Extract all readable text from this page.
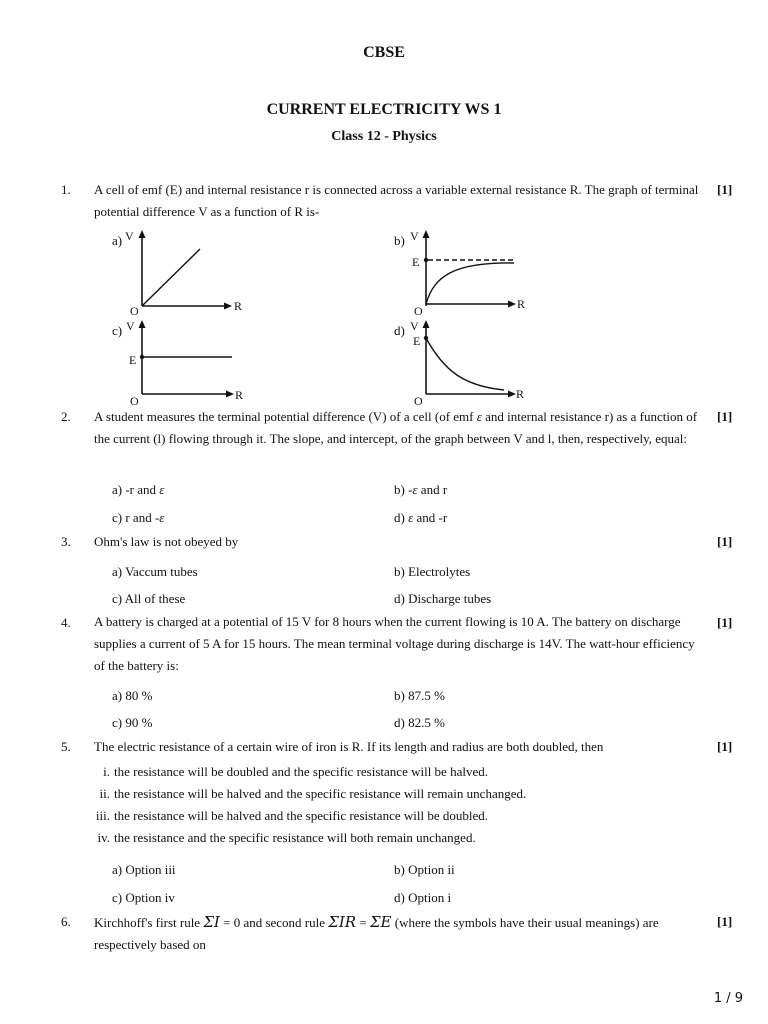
CBSE
CURRENT ELECTRICITY WS 1
Class 12 - Physics
1. A cell of emf (E) and internal resistance r is connected across a variable external resistance R. The graph of terminal potential difference V as a function of R is-
[1]
a) V
R
O
b) V
R
O
E
c) V
R
O
E
d) V
R
O
E
2. A student measures the terminal potential difference (V) of a cell (of emf ε and internal resistance r) as a function of the current (l) flowing through it. The slope, and intercept, of the graph between V and l, then, respectively, equal:
[1]
a) -r and ε	b) -ε and r
c) r and -ε	d) ε and -r
3. Ohm's law is not obeyed by	[1]
a) Vaccum tubes	b) Electrolytes
c) All of these	d) Discharge tubes
4. A battery is charged at a potential of 15 V for 8 hours when the current flowing is 10 A. The battery on discharge supplies a current of 5 A for 15 hours. The mean terminal voltage during discharge is 14V. The watt-hour efficiency of the battery is:
[1]
a) 80 %	b) 87.5 %
c) 90 %	d) 82.5 %
5. The electric resistance of a certain wire of iron is R. If its length and radius are both doubled, then	[1]
i. the resistance will be doubled and the specific resistance will be halved.
ii. the resistance will be halved and the specific resistance will remain unchanged.
iii. the resistance will be halved and the specific resistance will be doubled.
iv. the resistance and the specific resistance will both remain unchanged.
a) Option iii	b) Option ii
c) Option iv	d) Option i
6. Kirchhoff's first rule ΣI = 0 and second rule ΣIR = ΣE (where the symbols have their usual meanings) are respectively based on
[1]
1 / 9
